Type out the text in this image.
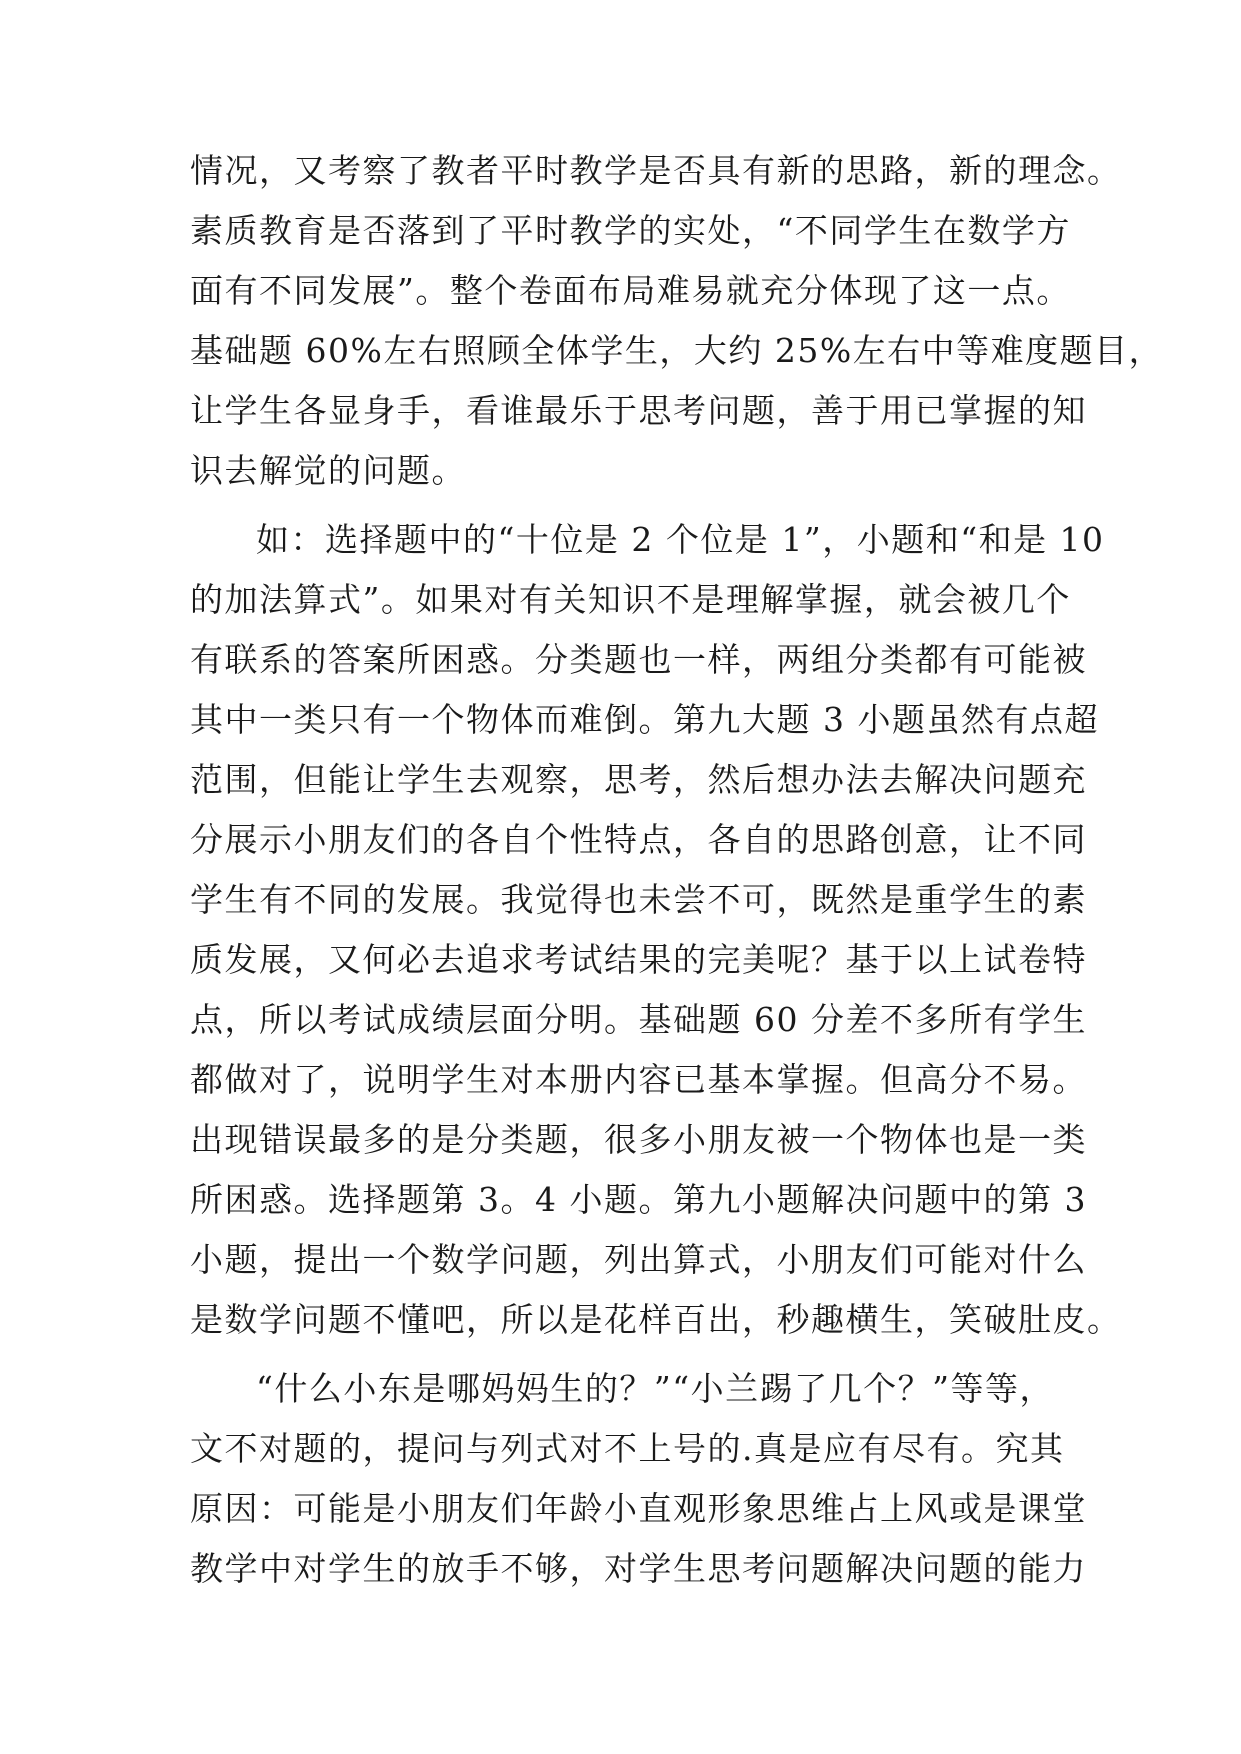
情况，又考察了教者平时教学是否具有新的思路，新的理念。
素质教育是否落到了平时教学的实处，“不同学生在数学方
面有不同发展”。整个卷面布局难易就充分体现了这一点。
基础题 60%左右照顾全体学生，大约 25%左右中等难度题目，
让学生各显身手，看谁最乐于思考问题，善于用已掌握的知
识去解觉的问题。
如：选择题中的“十位是 2 个位是 1”，小题和“和是 10
的加法算式”。如果对有关知识不是理解掌握，就会被几个
有联系的答案所困惑。分类题也一样，两组分类都有可能被
其中一类只有一个物体而难倒。第九大题 3 小题虽然有点超
范围，但能让学生去观察，思考，然后想办法去解决问题充
分展示小朋友们的各自个性特点，各自的思路创意，让不同
学生有不同的发展。我觉得也未尝不可，既然是重学生的素
质发展，又何必去追求考试结果的完美呢？基于以上试卷特
点，所以考试成绩层面分明。基础题 60 分差不多所有学生
都做对了，说明学生对本册内容已基本掌握。但高分不易。
出现错误最多的是分类题，很多小朋友被一个物体也是一类
所困惑。选择题第 3。4 小题。第九小题解决问题中的第 3
小题，提出一个数学问题，列出算式，小朋友们可能对什么
是数学问题不懂吧，所以是花样百出，秒趣横生，笑破肚皮。
“什么小东是哪妈妈生的？”“小兰踢了几个？”等等，
文不对题的，提问与列式对不上号的.真是应有尽有。究其
原因：可能是小朋友们年龄小直观形象思维占上风或是课堂
教学中对学生的放手不够，对学生思考问题解决问题的能力
